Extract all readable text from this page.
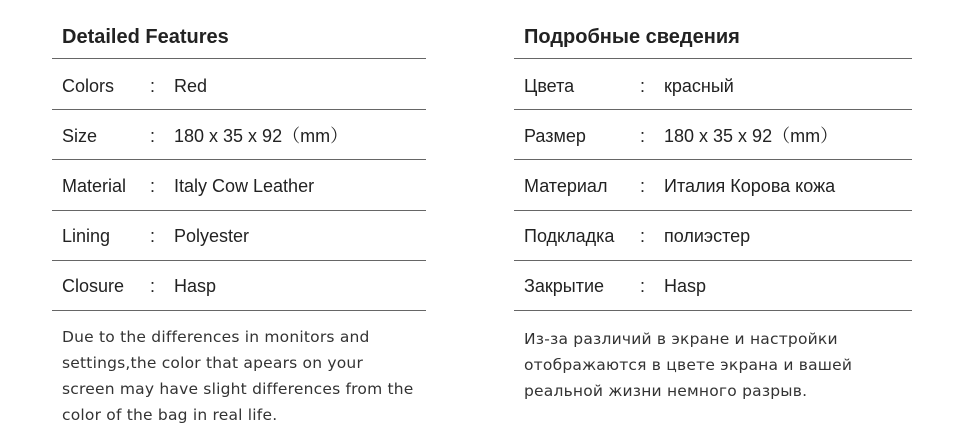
Detailed Features
Colors : Red
Size	: 180 x 35 x 92（mm）
Material : Italy Cow Leather
Lining : Polyester
Closure : Hasp
Due to the differences in monitors and
settings,the color that apears on your
screen may have slight differences from the
color of the bag in real life.
Подробные сведения
Цвета	: красный
Размер	: 180 x 35 x 92（mm）
Материал : Италия Корова кожа
Подкладка : полиэстер
Закрытие : Hasp
Из-за различий в экране и настройки
отображаются в цвете экрана и вашей
реальной жизни немного разрыв.
